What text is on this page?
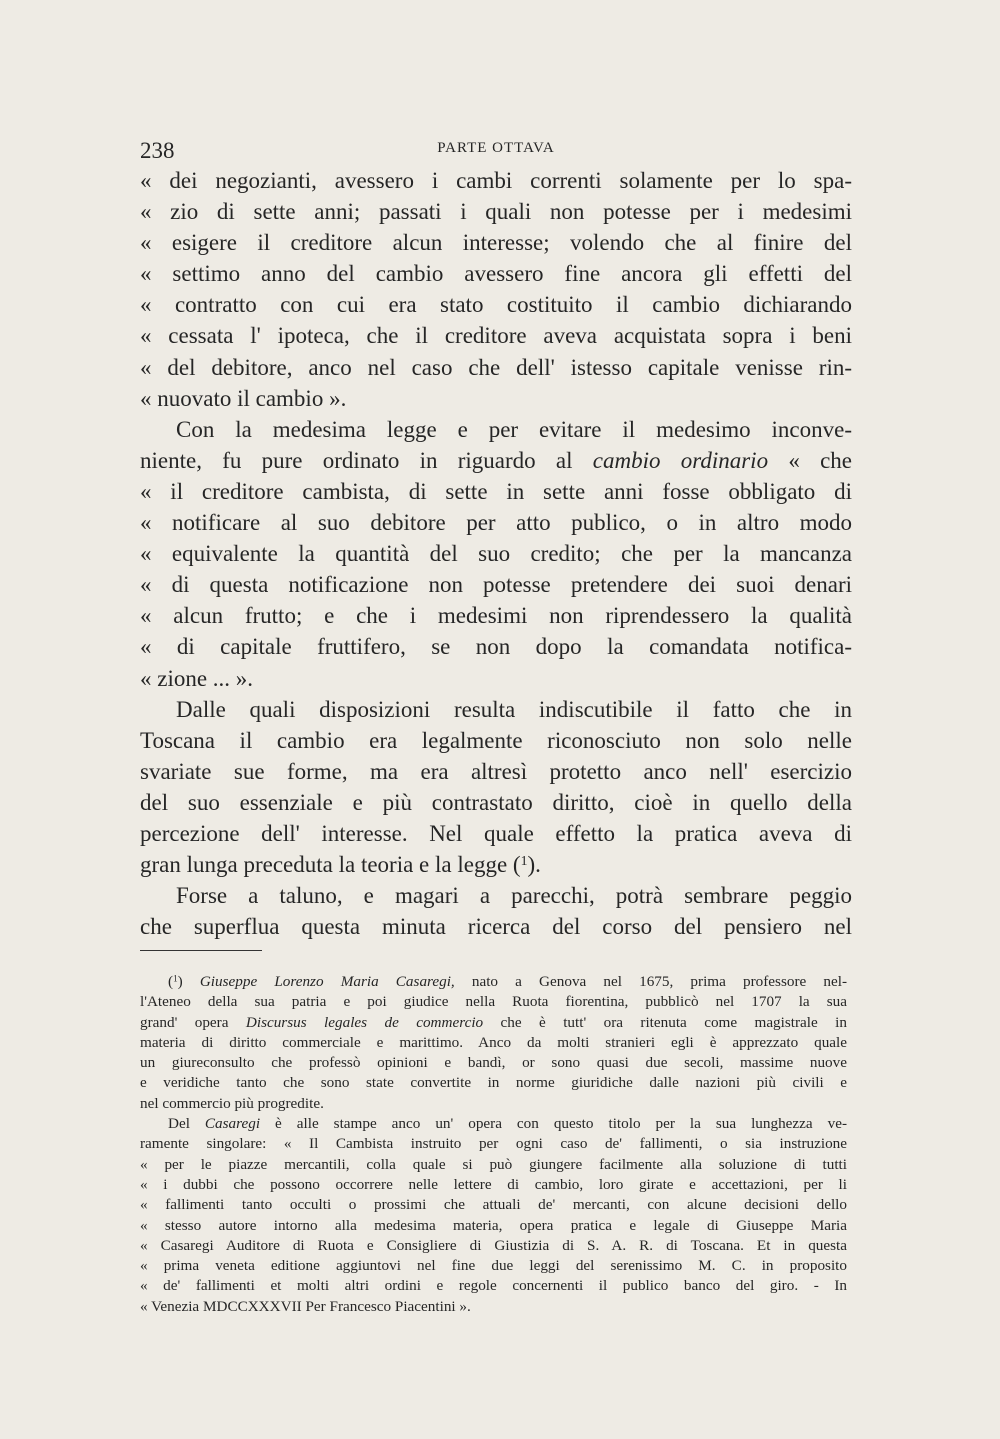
238	PARTE OTTAVA
« dei negozianti, avessero i cambi correnti solamente per lo spa-
« zio di sette anni; passati i quali non potesse per i medesimi
« esigere il creditore alcun interesse; volendo che al finire del
« settimo anno del cambio avessero fine ancora gli effetti del
« contratto con cui era stato costituito il cambio dichiarando
« cessata l' ipoteca, che il creditore aveva acquistata sopra i beni
« del debitore, anco nel caso che dell' istesso capitale venisse rin-
« nuovato il cambio ».
Con la medesima legge e per evitare il medesimo inconve-
niente, fu pure ordinato in riguardo al cambio ordinario « che
« il creditore cambista, di sette in sette anni fosse obbligato di
« notificare al suo debitore per atto publico, o in altro modo
« equivalente la quantità del suo credito; che per la mancanza
« di questa notificazione non potesse pretendere dei suoi denari
« alcun frutto; e che i medesimi non riprendessero la qualità
« di capitale fruttifero, se non dopo la comandata notifica-
« zione ... ».
Dalle quali disposizioni resulta indiscutibile il fatto che in
Toscana il cambio era legalmente riconosciuto non solo nelle
svariate sue forme, ma era altresì protetto anco nell' esercizio
del suo essenziale e più contrastato diritto, cioè in quello della
percezione dell' interesse. Nel quale effetto la pratica aveva di
gran lunga preceduta la teoria e la legge ($^1$).
Forse a taluno, e magari a parecchi, potrà sembrare peggio
che superflua questa minuta ricerca del corso del pensiero nel
($^1$) Giuseppe Lorenzo Maria Casaregi, nato a Genova nel 1675, prima professore nel-
l'Ateneo della sua patria e poi giudice nella Ruota fiorentina, pubblicò nel 1707 la sua
grand' opera Discursus legales de commercio che è tutt' ora ritenuta come magistrale in
materia di diritto commerciale e marittimo. Anco da molti stranieri egli è apprezzato quale
un giureconsulto che professò opinioni e bandì, or sono quasi due secoli, massime nuove
e veridiche tanto che sono state convertite in norme giuridiche dalle nazioni più civili e
nel commercio più progredite.
Del Casaregi è alle stampe anco un' opera con questo titolo per la sua lunghezza ve-
ramente singolare: « Il Cambista instruito per ogni caso de' fallimenti, o sia instruzione
« per le piazze mercantili, colla quale si può giungere facilmente alla soluzione di tutti
« i dubbi che possono occorrere nelle lettere di cambio, loro girate e accettazioni, per li
« fallimenti tanto occulti o prossimi che attuali de' mercanti, con alcune decisioni dello
« stesso autore intorno alla medesima materia, opera pratica e legale di Giuseppe Maria
« Casaregi Auditore di Ruota e Consigliere di Giustizia di S. A. R. di Toscana. Et in questa
« prima veneta editione aggiuntovi nel fine due leggi del serenissimo M. C. in proposito
« de' fallimenti et molti altri ordini e regole concernenti il publico banco del giro. - In
« Venezia MDCCXXXVII Per Francesco Piacentini ».
